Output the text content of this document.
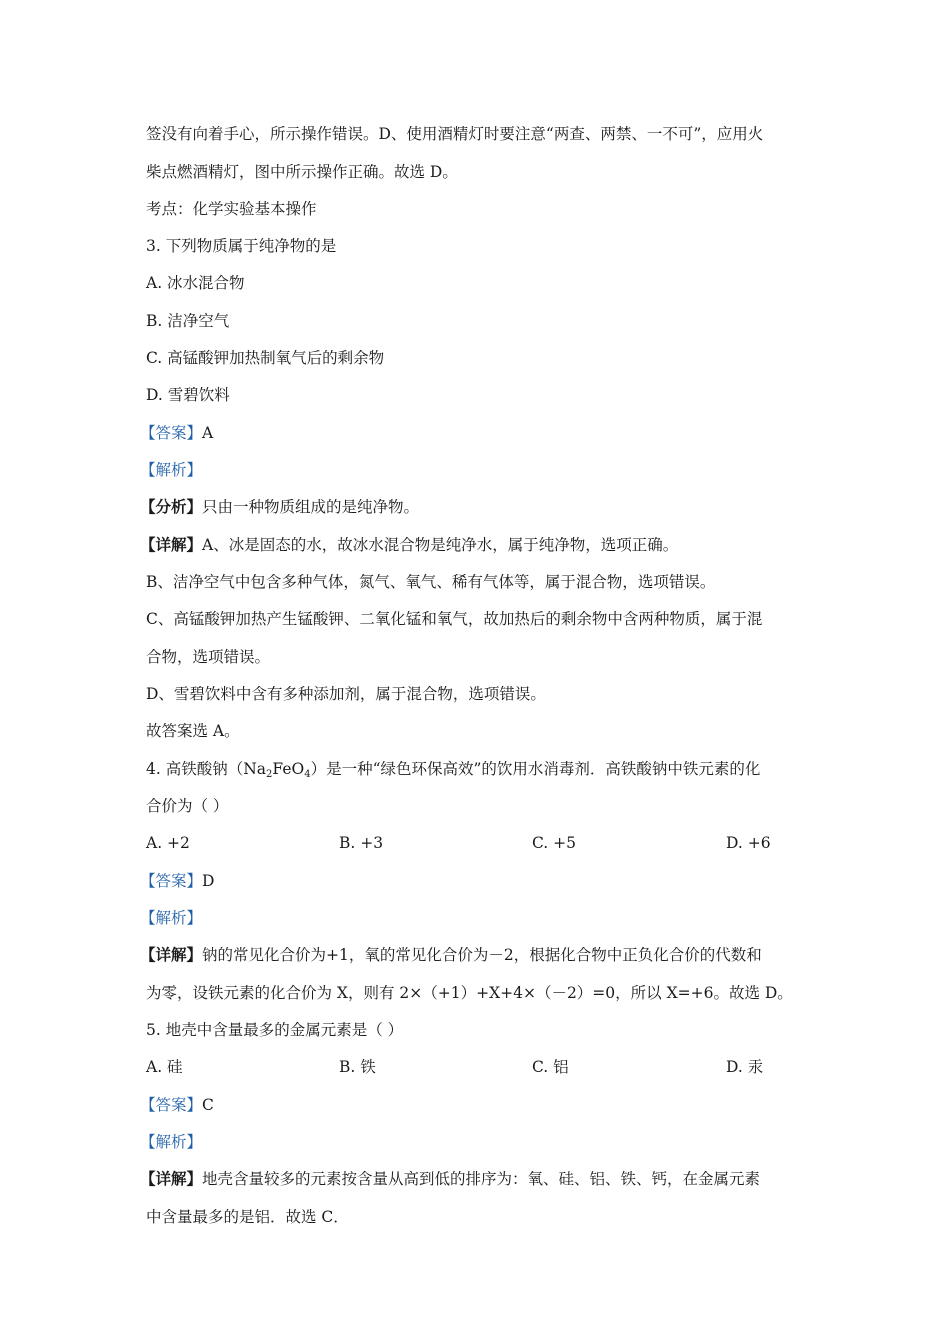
签没有向着手心，所示操作错误。D、使用酒精灯时要注意“两查、两禁、一不可”，应用火
柴点燃酒精灯，图中所示操作正确。故选 D。
考点：化学实验基本操作
3. 下列物质属于纯净物的是
A. 冰水混合物
B. 洁净空气
C. 高锰酸钾加热制氧气后的剩余物
D. 雪碧饮料
【答案】A
【解析】
【分析】只由一种物质组成的是纯净物。
【详解】A、冰是固态的水，故冰水混合物是纯净水，属于纯净物，选项正确。
B、洁净空气中包含多种气体，氮气、氧气、稀有气体等，属于混合物，选项错误。
C、高锰酸钾加热产生锰酸钾、二氧化锰和氧气，故加热后的剩余物中含两种物质，属于混
合物，选项错误。
D、雪碧饮料中含有多种添加剂，属于混合物，选项错误。
故答案选 A。
4. 高铁酸钠$(Na_2FeO_4)$是一种“绿色环保高效”的饮用水消毒剂．高铁酸钠中铁元素的化
合价为（ ）
A. +2	B. +3	C. +5	D. +6
【答案】D
【解析】
【详解】钠的常见化合价为+1，氧的常见化合价为－2，根据化合物中正负化合价的代数和
为零，设铁元素的化合价为 X，则有 2×（+1）+X+4×（－2）=0，所以 X=+6。故选 D。
5. 地壳中含量最多的金属元素是（ ）
A. 硅	B. 铁	C. 铝	D. 汞
【答案】C
【解析】
【详解】地壳含量较多的元素按含量从高到低的排序为：氧、硅、铝、铁、钙，在金属元素
中含量最多的是铝．故选 C．
